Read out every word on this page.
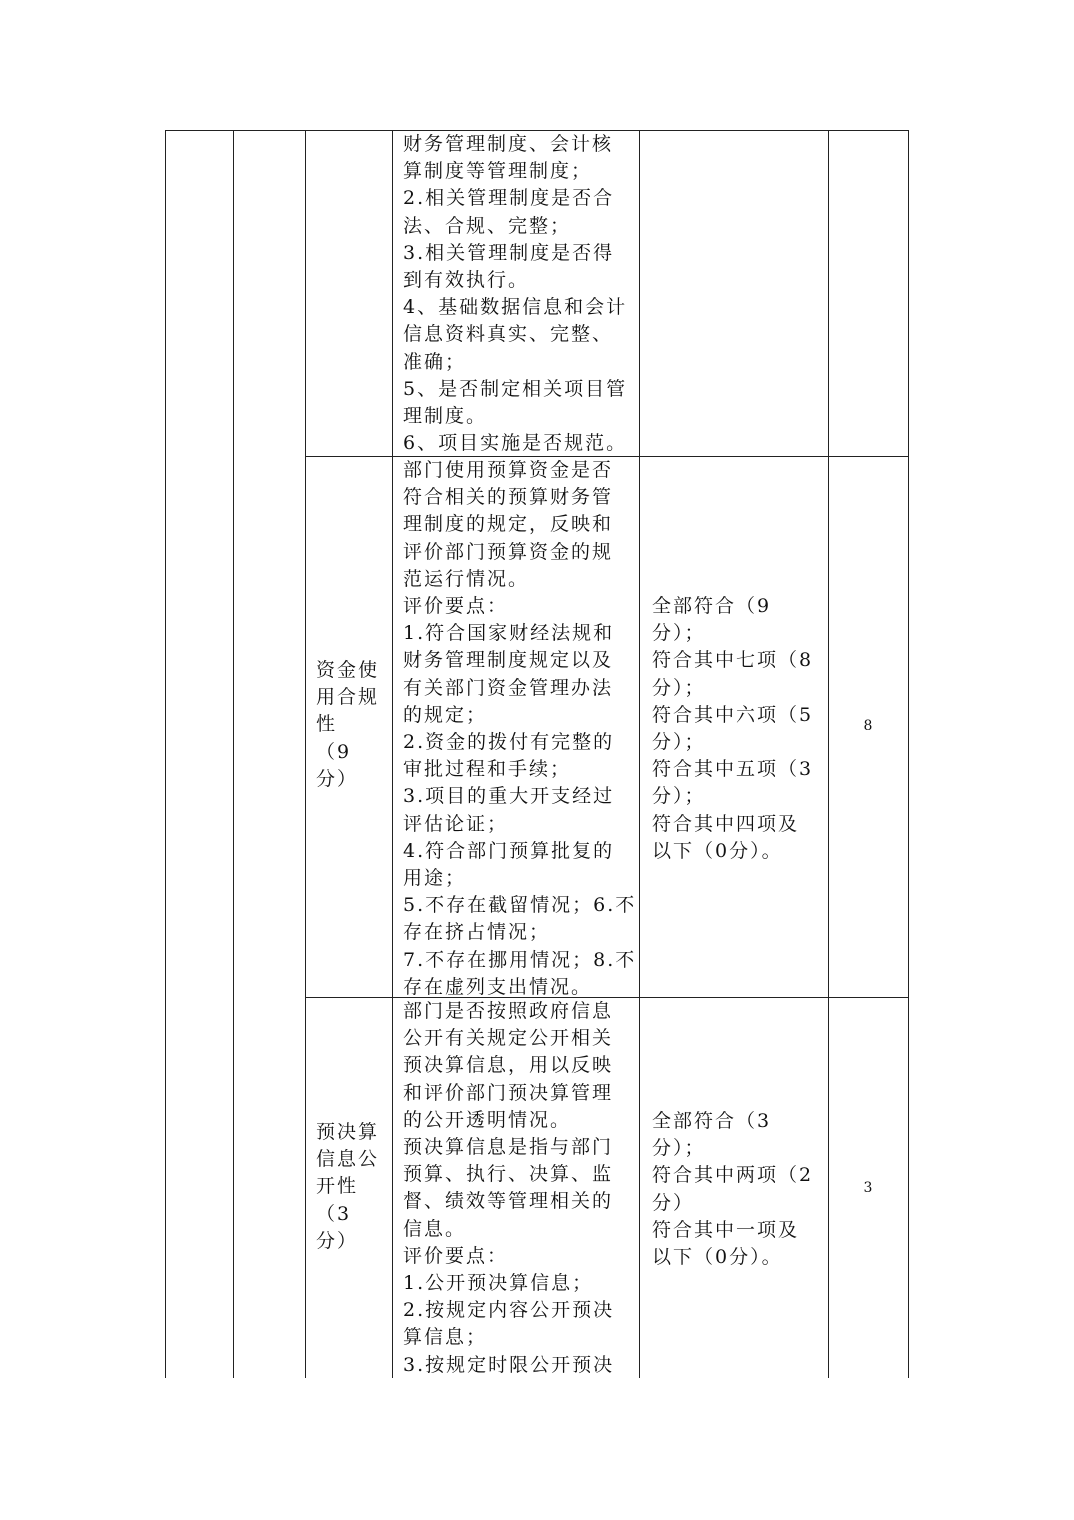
财务管理制度、会计核
算制度等管理制度；
2.相关管理制度是否合
法、合规、完整；
3.相关管理制度是否得
到有效执行。
4、基础数据信息和会计
信息资料真实、完整、
准确；
5、是否制定相关项目管
理制度。
6、项目实施是否规范。
资金使
用合规
性
（9
分）
部门使用预算资金是否
符合相关的预算财务管
理制度的规定，反映和
评价部门预算资金的规
范运行情况。
评价要点：
1.符合国家财经法规和
财务管理制度规定以及
有关部门资金管理办法
的规定；
2.资金的拨付有完整的
审批过程和手续；
3.项目的重大开支经过
评估论证；
4.符合部门预算批复的
用途；
5.不存在截留情况；6.不
存在挤占情况；
7.不存在挪用情况；8.不
存在虚列支出情况。
全部符合（9
分）；
符合其中七项（8
分）；
符合其中六项（5
分）；
符合其中五项（3
分）；
符合其中四项及
以下（0分）。
8
预决算
信息公
开性
（3
分）
部门是否按照政府信息
公开有关规定公开相关
预决算信息，用以反映
和评价部门预决算管理
的公开透明情况。
预决算信息是指与部门
预算、执行、决算、监
督、绩效等管理相关的
信息。
评价要点：
1.公开预决算信息；
2.按规定内容公开预决
算信息；
3.按规定时限公开预决
全部符合（3
分）；
符合其中两项（2
分）
符合其中一项及
以下（0分）。
3
